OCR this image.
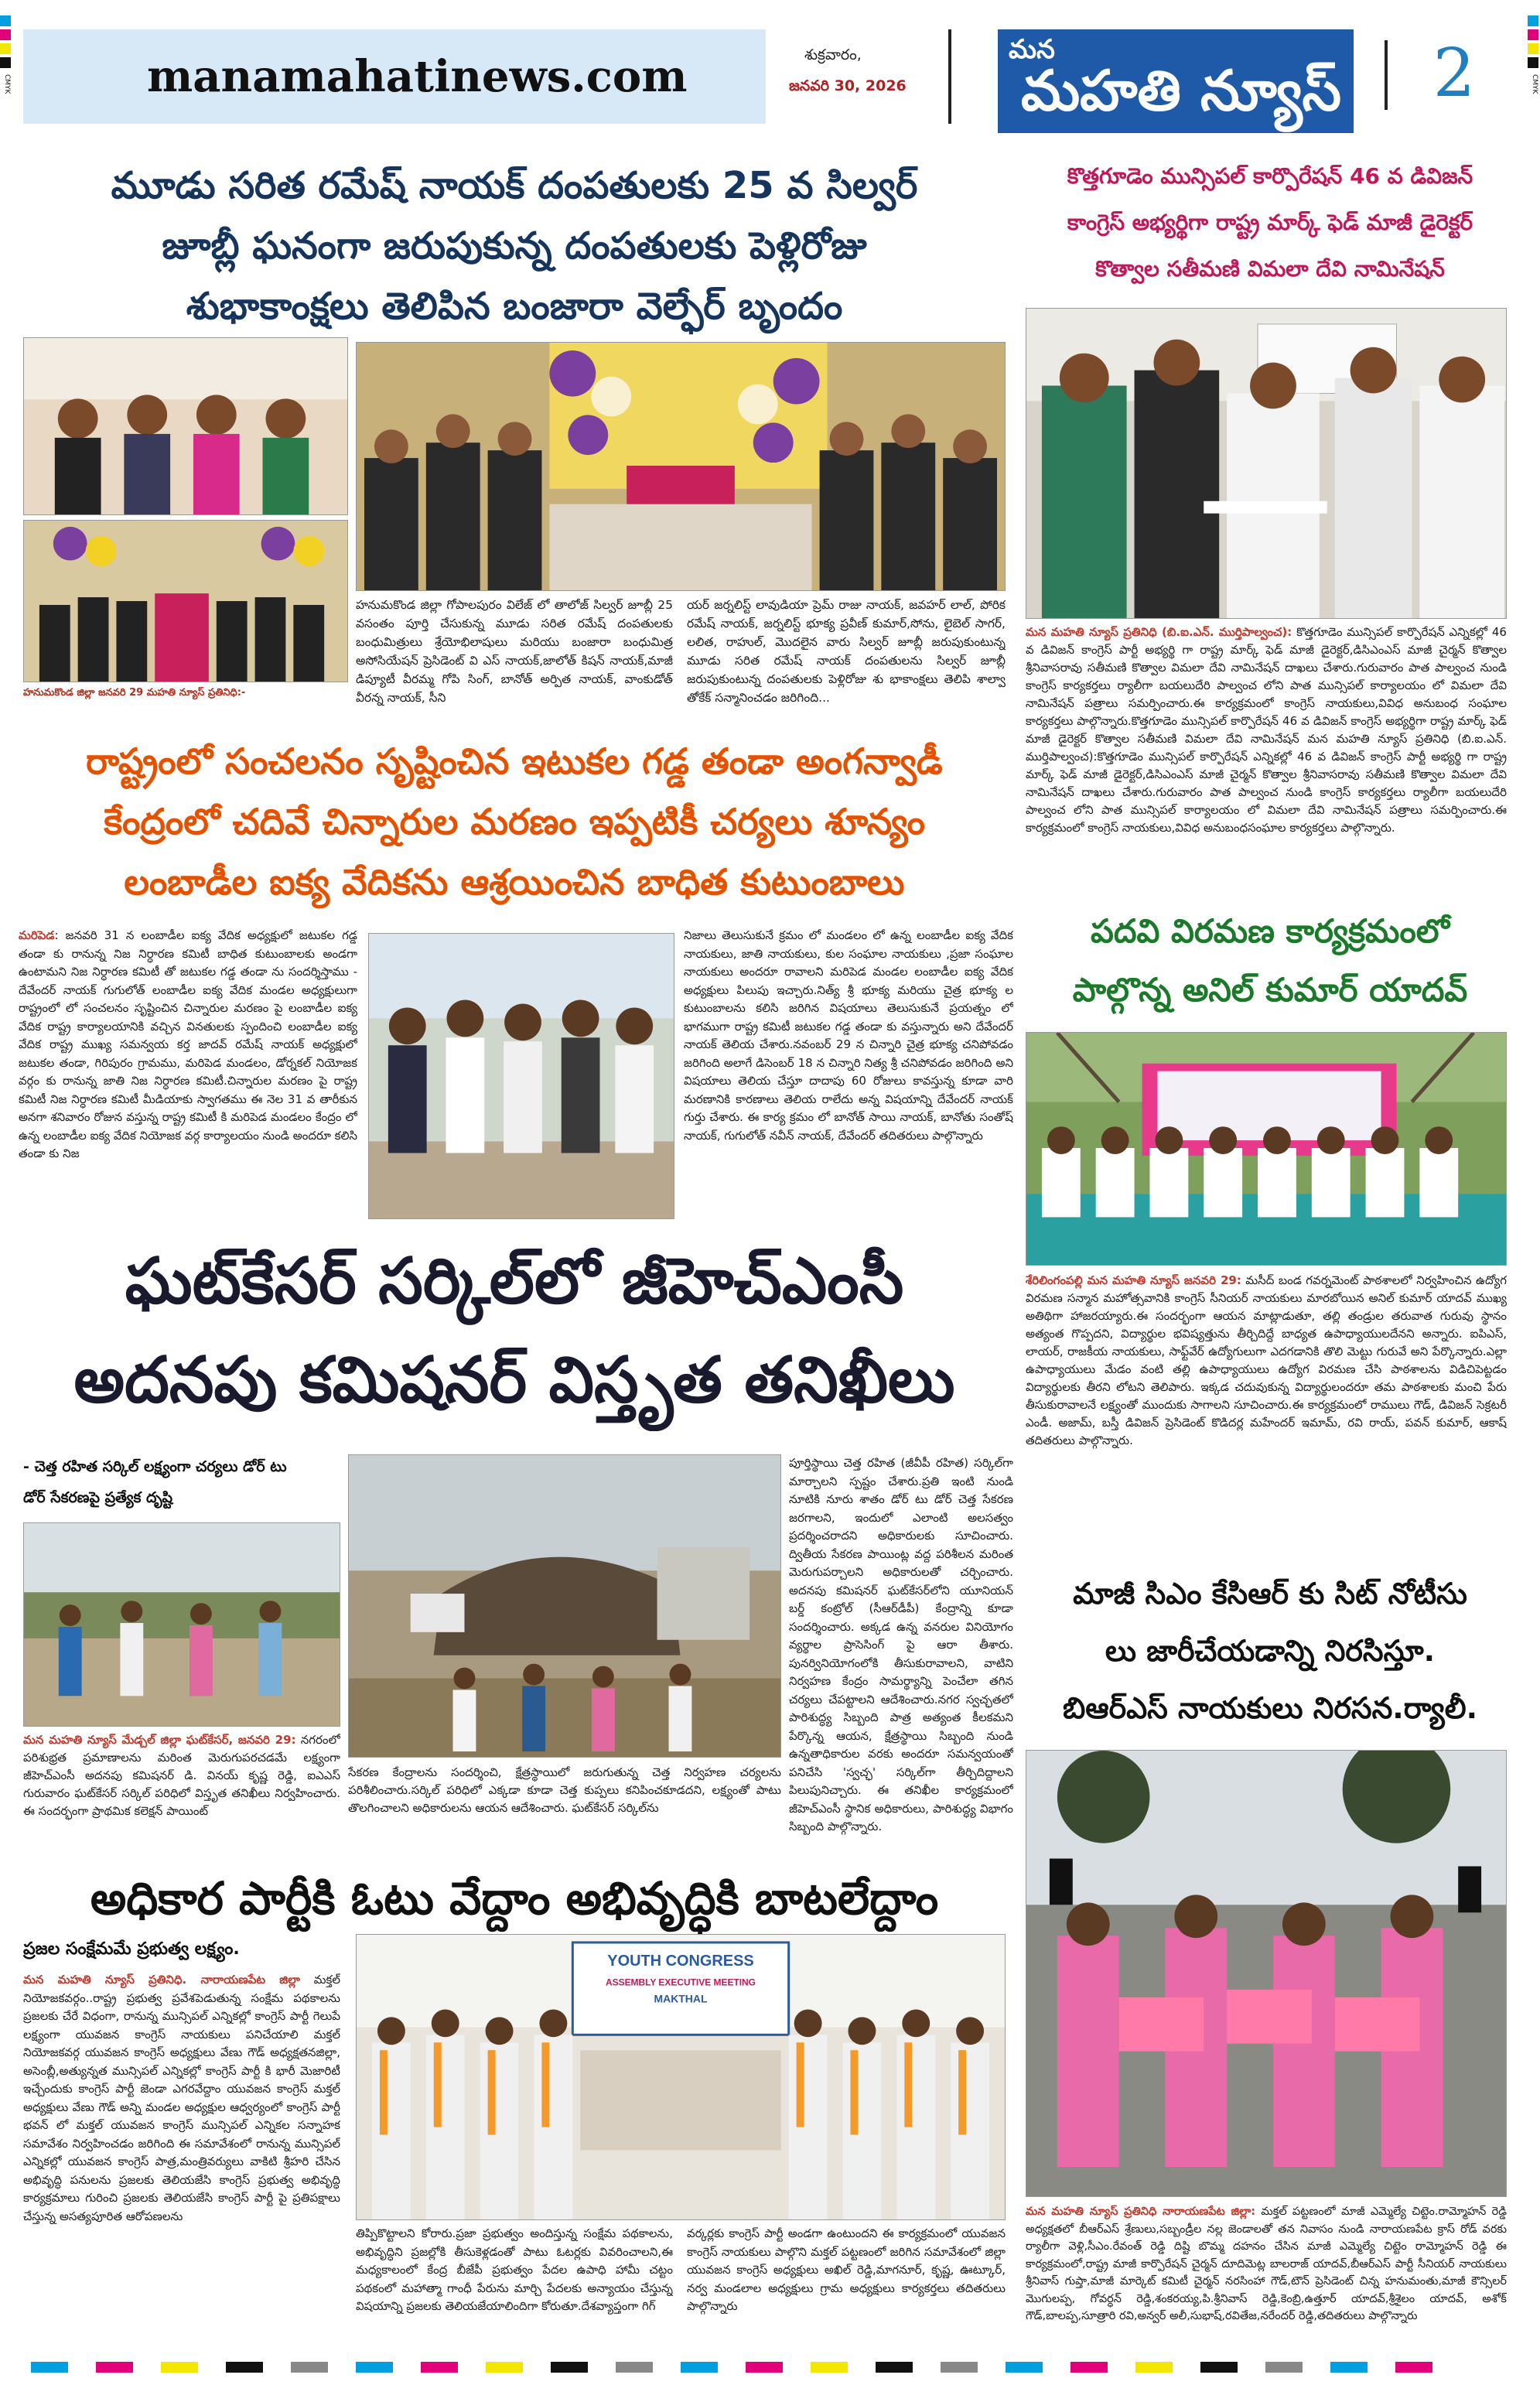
CMYK	CMYK
manamahatinews.com	శుక్రవారం,
జనవరి 30, 2026
మన
మహతి న్యూస్	2
మూడు సరిత రమేష్ నాయక్ దంపతులకు 25 వ సిల్వర్
జూబ్లీ ఘనంగా జరుపుకున్న దంపతులకు పెళ్లిరోజు
శుభాకాంక్షలు తెలిపిన బంజారా వెల్ఫేర్ బృందం
హనుమకొండ జిల్లా జనవరి 29 మహతి న్యూస్ ప్రతినిధి:-
హనుమకొండ జిల్లా గోపాలపురం విలేజ్ లో తాలోజ్ సిల్వర్ జూబ్లీ 25 వసంతం పూర్తి చేసుకున్న మూడు సరిత రమేష్ దంపతులకు బంధుమిత్రులు శ్రేయోభిలాషులు మరియు బంజారా బంధుమిత్ర అసోసియేషన్ ప్రెసిడెంట్ వి ఎస్ నాయక్,జాలోత్ కిషన్ నాయక్,మాజీ డిప్యూటీ వీరమ్మ గోపి సింగ్, బానోత్ అర్పిత నాయక్, వాంకుడోత్ వీరన్న నాయక్, సీని
యర్ జర్నలిస్ట్ లావుడియా ప్రెమ్ రాజు నాయక్, జవహర్ లాల్, పోరిక రమేష్ నాయక్, జర్నలిస్ట్ భూక్య ప్రవీణ్ కుమార్,సోను, లైబెల్ సాగర్, లలిత, రాహుల్, మొదలైన వారు సిల్వర్ జూబ్లీ జరుపుకుంటున్న మూడు సరిత రమేష్ నాయక్ దంపతులను సిల్వర్ జూబ్లీ జరుపుకుంటున్న దంపతులకు పెళ్లిరోజు శు భాకాంక్షలు తెలిపి శాల్వా తోకేక్ సన్మానించడం జరిగింది...
కొత్తగూడెం మున్సిపల్ కార్పొరేషన్ 46 వ డివిజన్
కాంగ్రెస్ అభ్యర్థిగా రాష్ట్ర మార్క్ ఫెడ్ మాజీ డైరెక్టర్
కొత్వాల సతీమణి విమలా దేవి నామినేషన్
మన మహతి న్యూస్ ప్రతినిధి (బి.ఐ.ఎన్. ముర్తిపాల్వంచ): కొత్తగూడెం మున్సిపల్ కార్పొరేషన్ ఎన్నికల్లో 46 వ డివిజన్ కాంగ్రెస్ పార్టీ అభ్యర్థి గా రాష్ట్ర మార్క్ ఫెడ్ మాజీ డైరెక్టర్,డిసిఎంఎస్ మాజీ చైర్మన్ కొత్వాల శ్రీనివాసరావు సతీమణి కొత్వాల విమలా దేవి నామినేషన్ దాఖలు చేశారు.గురువారం పాత పాల్వంచ నుండి కాంగ్రెస్ కార్యకర్తలు ర్యాలీగా బయలుదేరి పాల్వంచ లోని పాత మున్సిపల్ కార్యాలయం లో విమలా దేవి నామినేషన్ పత్రాలు సమర్పించారు.ఈ కార్యక్రమంలో కాంగ్రెస్ నాయకులు,వివిధ అనుబంధ సంఘాల కార్యకర్తలు పాల్గొన్నారు.కొత్తగూడెం మున్సిపల్ కార్పొరేషన్ 46 వ డివిజన్ కాంగ్రెస్ అభ్యర్థిగా రాష్ట్ర మార్క్ ఫెడ్ మాజీ డైరెక్టర్ కొత్వాల సతీమణి విమలా దేవి నామినేషన్ మన మహతి న్యూస్ ప్రతినిధి (బి.ఐ.ఎన్. ముర్తిపాల్వంచ):కొత్తగూడెం మున్సిపల్ కార్పొరేషన్ ఎన్నికల్లో 46 వ డివిజన్ కాంగ్రెస్ పార్టీ అభ్యర్థి గా రాష్ట్ర మార్క్ ఫెడ్ మాజీ డైరెక్టర్,డిసిఎంఎస్ మాజీ చైర్మన్ కొత్వాల శ్రీనివాసరావు సతీమణి కొత్వాల విమలా దేవి నామినేషన్ దాఖలు చేశారు.గురువారం పాత పాల్వంచ నుండి కాంగ్రెస్ కార్యకర్తలు ర్యాలీగా బయలుదేరి పాల్వంచ లోని పాత మున్సిపల్ కార్యాలయం లో విమలా దేవి నామినేషన్ పత్రాలు సమర్పించారు.ఈ కార్యక్రమంలో కాంగ్రెస్ నాయకులు,వివిధ అనుబంధసంఘాల కార్యకర్తలు పాల్గొన్నారు.
రాష్ట్రంలో సంచలనం సృష్టించిన ఇటుకల గడ్డ తండా అంగన్వాడీ
కేంద్రంలో చదివే చిన్నారుల మరణం ఇప్పటికీ చర్యలు శూన్యం
లంబాడీల ఐక్య వేదికను ఆశ్రయించిన బాధిత కుటుంబాలు
మరిపెడ: జనవరి 31 న లంబాడీల ఐక్య వేదిక అధ్యక్షులో జటుకల గడ్డ తండా కు రానున్న నిజ నిర్ధారణ కమిటీ బాధిత కుటుంబాలకు అండగా ఉంటామని నిజ నిర్ధారణ కమిటీ తో జటుకల గడ్డ తండా ను సందర్శిస్తాము - దేవేందర్ నాయక్ గుగులోత్ లంబాడీల ఐక్య వేదిక మండల అధ్యక్షులుగా రాష్ట్రంలో లో సంచలనం సృష్టించిన చిన్నారుల మరణం పై లంబాడీల ఐక్య వేదిక రాష్ట్ర కార్యాలయానికి వచ్చిన వినతులకు స్పందించి లంబాడీల ఐక్య వేదిక రాష్ట్ర ముఖ్య సమన్వయ కర్త జాదవ్ రమేష్ నాయక్ అధ్యక్షులో జటుకల తండా, గిరిపురం గ్రామము, మరిపెడ మండలం, డోర్నకల్ నియోజక వర్గం కు రానున్న జాతి నిజ నిర్ధారణ కమిటీ.చిన్నారుల మరణం పై రాష్ట్ర కమిటీ నిజ నిర్ధారణ కమిటీ మీడియాకు స్వాగతము ఈ నెల 31 వ తారీకున అనగా శనివారం రోజున వస్తున్న రాష్ట్ర కమిటీ కి మరిపెడ మండలం కేంద్రం లో ఉన్న లంబాడీల ఐక్య వేదిక నియోజక వర్గ కార్యాలయం నుండి అందరూ కలిసి తండా కు నిజ
నిజాలు తెలుసుకునే క్రమం లో మండలం లో ఉన్న లంబాడీల ఐక్య వేదిక నాయకులు, జాతి నాయకులు, కుల సంఘాల నాయకులు ,ప్రజా సంఘాల నాయకులు అందరూ రావాలని మరిపెడ మండల లంబాడీల ఐక్య వేదిక అధ్యక్షులు పిలుపు ఇచ్చారు.నిత్య్ శ్రీ భూక్య మరియు చైత్ర భూక్య ల కుటుంబాలను కలిసి జరిగిన విషయాలు తెలుసుకునే ప్రయత్నం లో భాగముగా రాష్ట్ర కమిటీ జటుకల గడ్డ తండా కు వస్తున్నారు అని దేవేందర్ నాయక్ తెలియ చేశారు.నవంబర్ 29 న చిన్నారి చైత్ర భూక్య చనిపోవడం జరిగింది అలాగే డిసెంబర్ 18 న చిన్నారి నిత్య శ్రీ చనిపోవడం జరిగింది అని విషయాలు తెలియ చేస్తూ దాదాపు 60 రోజులు కావస్తున్న కూడా వారి మరణానికి కారణాలు తెలియ రాలేదు అన్న విషయాన్ని దేవేందర్ నాయక్ గుర్తు చేశారు. ఈ కార్య క్రమం లో బానోత్ సాయి నాయక్, బానోతు సంతోష్ నాయక్, గుగులోత్ నవీన్ నాయక్, దేవేందర్ తదితరులు పాల్గొన్నారు
పదవి విరమణ కార్యక్రమంలో
పాల్గొన్న అనిల్ కుమార్ యాదవ్
శేరిలింగంపల్లి మన మహతి న్యూస్ జనవరి 29: మసీద్ బండ గవర్నమెంట్ పాఠశాలలో నిర్వహించిన ఉద్యోగ విరమణ సన్మాన మహోత్సవానికి కాంగ్రెస్ సీనియర్ నాయకులు మారబోయిన అనిల్ కుమార్ యాదవ్ ముఖ్య అతిథిగా హాజరయ్యారు.ఈ సందర్భంగా ఆయన మాట్లాడుతూ, తల్లి తండ్రుల తరువాత గురువు స్థానం అత్యంత గొప్పదని, విద్యార్థుల భవిష్యత్తును తీర్చిదిద్దే బాధ్యత ఉపాధ్యాయులదేనని అన్నారు. ఐపిఎస్, లాయర్, రాజకీయ నాయకులు, సాఫ్ట్‌వేర్ ఉద్యోగులుగా ఎదగడానికి తొలి మెట్టు గురువే అని పేర్కొన్నారు.ఎల్లా ఉపాధ్యాయులు మేడం వంటి తల్లి ఉపాధ్యాయులు ఉద్యోగ విరమణ చేసి పాఠశాలను విడిచిపెట్టడం విద్యార్థులకు తీరని లోటని తెలిపారు. ఇక్కడ చదువుకున్న విద్యార్థులందరూ తమ పాఠశాలకు మంచి పేరు తీసుకురావాలనే లక్ష్యంతో ముందుకు సాగాలని సూచించారు.ఈ కార్యక్రమంలో రాములు గౌడ్, డివిజన్ సెక్రటరీ ఎండీ. అజామ్, బస్తీ డివిజన్ ప్రెసిడెంట్ కొడిదర్ల మహేందర్ ఇమామ్, రవి రాయ్, పవన్ కుమార్, ఆకాష్ తదితరులు పాల్గొన్నారు.
ఘట్‌కేసర్ సర్కిల్‌లో జీహెచ్ఎంసీ
అదనపు కమిషనర్ విస్తృత తనిఖీలు
- చెత్త రహిత సర్కిల్ లక్ష్యంగా చర్యలు డోర్ టు
డోర్ సేకరణపై ప్రత్యేక దృష్టి
మన మహతి న్యూస్ మేడ్చల్ జిల్లా ఘట్‌కేసర్, జనవరి 29: నగరంలో పరిశుభ్రత ప్రమాణాలను మరింత మెరుగుపరచడమే లక్ష్యంగా జీహెచ్ఎంసీ అదనపు కమిషనర్ డి. వినయ్ కృష్ణ రెడ్డి, ఐఎఎస్ గురువారం ఘట్‌కేసర్ సర్కిల్ పరిధిలో విస్తృత తనిఖీలు నిర్వహించారు. ఈ సందర్భంగా ప్రాథమిక కలెక్షన్ పాయింట్
సేకరణ కేంద్రాలను సందర్శించి, క్షేత్రస్థాయిలో జరుగుతున్న చెత్త నిర్వహణ చర్యలను పరిశీలించారు.సర్కిల్ పరిధిలో ఎక్కడా కూడా చెత్త కుప్పలు కనిపించకూడదని, లక్ష్యంతో పాటు తొలగించాలని అధికారులను ఆయన ఆదేశించారు. ఘట్‌కేసర్ సర్కిల్‌ను
పూర్తిస్థాయి చెత్త రహిత (జీవీపీ రహిత) సర్కిల్‌గా మార్చాలని స్పష్టం చేశారు.ప్రతి ఇంటి నుండి నూటికి నూరు శాతం డోర్ టు డోర్ చెత్త సేకరణ జరగాలని, ఇందులో ఎలాంటి అలసత్వం ప్రదర్శించరాదని అధికారులకు సూచించారు. ద్వితీయ సేకరణ పాయింట్ల వద్ద పరిశీలన మరింత మెరుగుపర్చాలని అధికారులతో చర్చించారు. అదనపు కమిషనర్ ఘట్‌కేసర్‌లోని యూనియన్ బర్డ్ కంట్రోల్ (సీఆర్‌డీపీ) కేంద్రాన్ని కూడా సందర్శించారు. అక్కడ ఉన్న వనరుల వినియోగం వ్యర్థాల ప్రాసెసింగ్ పై ఆరా తీశారు. పునర్వినియోగంలోకి తీసుకురావాలని, వాటిని నిర్వహణ కేంద్రం సామర్థ్యాన్ని పెంచేలా తగిన చర్యలు చేపట్టాలని ఆదేశించారు.నగర స్వచ్ఛతలో పారిశుద్ధ్య సిబ్బంది పాత్ర అత్యంత కీలకమని పేర్కొన్న ఆయన, క్షేత్రస్థాయి సిబ్బంది నుండి ఉన్నతాధికారుల వరకు అందరూ సమన్వయంతో పనిచేసి 'స్వచ్ఛ' సర్కిల్‌గా తీర్చిదిద్దాలని పిలుపునిచ్చారు. ఈ తనిఖీల కార్యక్రమంలో జీహెచ్ఎంసీ స్థానిక అధికారులు, పారిశుద్ధ్య విభాగం సిబ్బంది పాల్గొన్నారు.
మాజీ సిఎం కేసిఆర్ కు సిట్ నోటీసు
లు జారీచేయడాన్ని నిరసిస్తూ.
బిఆర్ఎస్ నాయకులు నిరసన.ర్యాలీ.
మన మహతి న్యూస్ ప్రతినిధి నారాయణపేట జిల్లా: మక్తల్ పట్టణంలో మాజీ ఎమ్మెల్యే చిట్టెం.రామ్మోహన్ రెడ్డి అధ్యక్షతలో బీఆర్ఎస్ శ్రేణులు,సబ్బండ్రీల నల్ల జెండాలతో తన నివాసం నుండి నారాయణపేట క్రాస్ రోడ్ వరకు ర్యాలీగా వెళ్లి,సీఎం.రేవంత్ రెడ్డి దిష్టి బొమ్మ దహనం చేసిన మాజీ ఎమ్మెల్యే చిట్టెం రామ్మోహన్ రెడ్డి ఈ కార్యక్రమంలో,రాష్ట్ర మాజీ కార్పొరేషన్ చైర్మన్ దూదిమెట్ల బాలరాజ్ యాదవ్,బీఆర్ఎస్ పార్టీ సీనియర్ నాయకులు శ్రీనివాస్ గుప్తా,మాజీ మార్కెట్ కమిటీ చైర్మన్ నరసింహా గౌడ్,టౌన్ ప్రెసిడెంట్ చిన్న హనుమంతు,మాజీ కౌన్సిలర్ మొగులప్ప, గోవర్ధన్ రెడ్డి,శంకరయ్య,పి.శ్రీనివాస్ రెడ్డి,కెంబ్రి,ఉత్తూర్ యాదవ్,శ్రీశైలం యాదవ్, అశోక్ గౌడ్,బాలప్ప,సూత్రారి రవి,అన్వర్ అలీ,సుభాష్,రవితేజ,నరేందర్ రెడ్డి,తదితరులు పాల్గొన్నారు
అధికార పార్టీకి ఓటు వేద్దాం అభివృద్ధికి బాటలేద్దాం
ప్రజల సంక్షేమమే ప్రభుత్వ లక్ష్యం.
మన మహతి న్యూస్ ప్రతినిధి. నారాయణపేట జిల్లా మక్తల్ నియోజకవర్గం..రాష్ట్ర ప్రభుత్వ ప్రవేశపెడుతున్న సంక్షేమ పథకాలను ప్రజలకు చేరే విధంగా, రానున్న మున్సిపల్ ఎన్నికల్లో కాంగ్రెస్ పార్టీ గెలుపే లక్ష్యంగా యువజన కాంగ్రెస్ నాయకులు పనిచేయాలి మక్తల్ నియోజకవర్గ యువజన కాంగ్రెస్ అధ్యక్షులు వేణు గౌడ్ అధ్యక్షతనజిల్లా, అసెంబ్లీ,అత్యున్నత మున్సిపల్ ఎన్నికల్లో కాంగ్రెస్ పార్టీ కి భారీ మెజారిటీ ఇచ్చేందుకు కాంగ్రెస్ పార్టీ జెండా ఎగరవేద్దాం యువజన కాంగ్రెస్ మక్తల్ అధ్యక్షులు వేణు గౌడ్ అన్ని మండల అధ్యక్షుల ఆధ్వర్యంలో కాంగ్రెస్ పార్టీ భవన్ లో మక్తల్ యువజన కాంగ్రెస్ మున్సిపల్ ఎన్నికల సన్నాహక సమావేశం నిర్వహించడం జరిగింది ఈ సమావేశంలో రానున్న మున్సిపల్ ఎన్నికల్లో యువజన కాంగ్రెస్ పాత్ర,మంత్రివర్యులు వాకిటి శ్రీహరి చేసిన అభివృద్ధి పనులను ప్రజలకు తెలియజేసి కాంగ్రెస్ ప్రభుత్వ అభివృద్ధి కార్యక్రమాలు గురించి ప్రజలకు తెలియజేసి కాంగ్రెస్ పార్టీ పై ప్రతిపక్షాలు చేస్తున్న అసత్యపూరిత ఆరోపణలను
YOUTH CONGRESS
ASSEMBLY EXECUTIVE MEETING
MAKTHAL
తిప్పికొట్టాలని కోరారు.ప్రజా ప్రభుత్వం అందిస్తున్న సంక్షేమ పథకాలను, అభివృద్ధిని ప్రజల్లోకి తీసుకెళ్లడంతో పాటు ఓటర్లకు వివరించాలని,ఈ మధ్యకాలంలో కేంద్ర బీజేపీ ప్రభుత్వం పేదల ఉపాధి హామీ చట్టం పథకంలో మహాత్మా గాంధీ పేరును మార్చి పేదలకు అన్యాయం చేస్తున్న విషయాన్ని ప్రజలకు తెలియజేయాలిందిగా కోరుతూ.దేశవ్యాప్తంగా గిగ్
వర్కర్లకు కాంగ్రెస్ పార్టీ అండగా ఉంటుందని ఈ కార్యక్రమంలో యువజన కాంగ్రెస్ నాయకులు పాల్గొని మక్తల్ పట్టణంలో జరిగిన సమావేశంలో జిల్లా యువజన కాంగ్రెస్ అధ్యక్షులు అఖిల్ రెడ్డి,మాగనూర్, కృష్ణ, ఊట్కూర్, నర్వ మండలాల అధ్యక్షులు గ్రామ అధ్యక్షులు కార్యకర్తలు తదితరులు పాల్గొన్నారు
